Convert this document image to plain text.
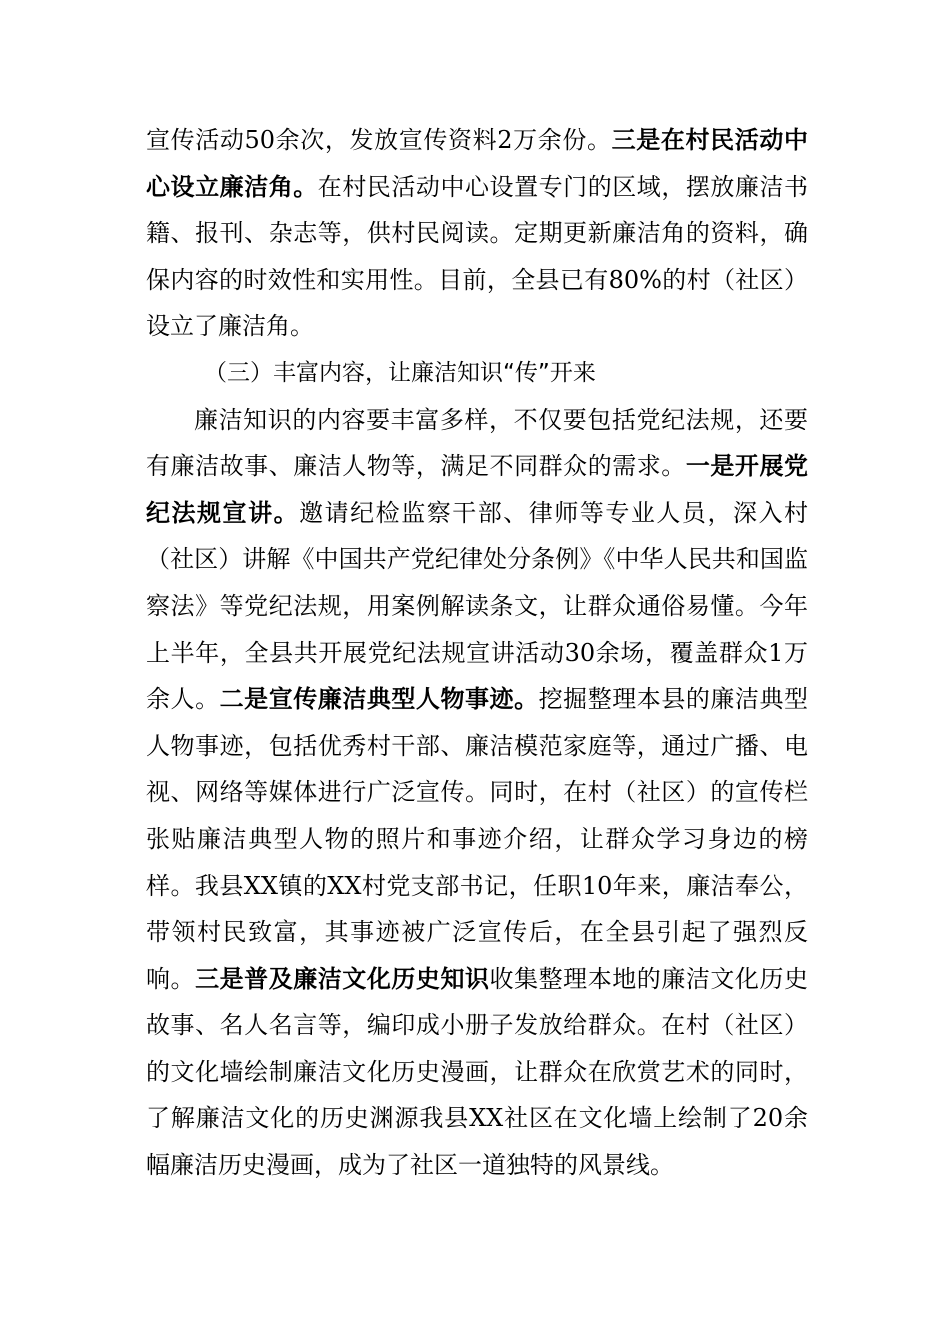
宣传活动50余次，发放宣传资料2万余份。三是在村民活动中心设立廉洁角。在村民活动中心设置专门的区域，摆放廉洁书籍、报刊、杂志等，供村民阅读。定期更新廉洁角的资料，确保内容的时效性和实用性。目前，全县已有80%的村（社区）设立了廉洁角。

（三）丰富内容，让廉洁知识“传”开来

廉洁知识的内容要丰富多样，不仅要包括党纪法规，还要有廉洁故事、廉洁人物等，满足不同群众的需求。一是开展党纪法规宣讲。邀请纪检监察干部、律师等专业人员，深入村（社区）讲解《中国共产党纪律处分条例》《中华人民共和国监察法》等党纪法规，用案例解读条文，让群众通俗易懂。今年上半年，全县共开展党纪法规宣讲活动30余场，覆盖群众1万余人。二是宣传廉洁典型人物事迹。挖掘整理本县的廉洁典型人物事迹，包括优秀村干部、廉洁模范家庭等，通过广播、电视、网络等媒体进行广泛宣传。同时，在村（社区）的宣传栏张贴廉洁典型人物的照片和事迹介绍，让群众学习身边的榜样。我县XX镇的XX村党支部书记，任职10年来，廉洁奉公，带领村民致富，其事迹被广泛宣传后，在全县引起了强烈反响。三是普及廉洁文化历史知识收集整理本地的廉洁文化历史故事、名人名言等，编印成小册子发放给群众。在村（社区）的文化墙绘制廉洁文化历史漫画，让群众在欣赏艺术的同时，了解廉洁文化的历史渊源我县XX社区在文化墙上绘制了20余幅廉洁历史漫画，成为了社区一道独特的风景线。
